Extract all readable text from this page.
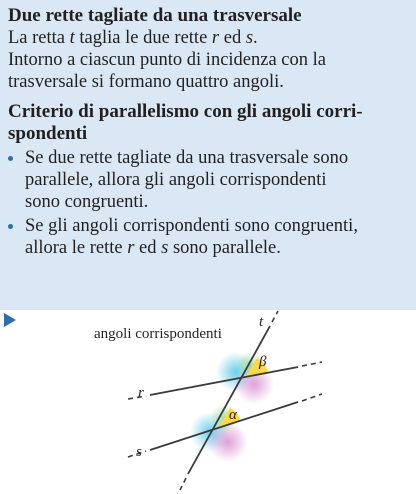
Due rette tagliate da una trasversale

La retta t taglia le due rette r ed s.

Intorno a ciascun punto di incidenza con la

trasversale si formano quattro angoli.

Criterio di parallelismo con gli angoli corri-
spondenti

Se due rette tagliate da una trasversale sono
parallele, allora gli angoli corrispondenti
sono congruenti.
Se gli angoli corrispondenti sono congruenti,
allora le rette r ed s sono parallele.
angoli corrispondenti
t
r
s
β
α
